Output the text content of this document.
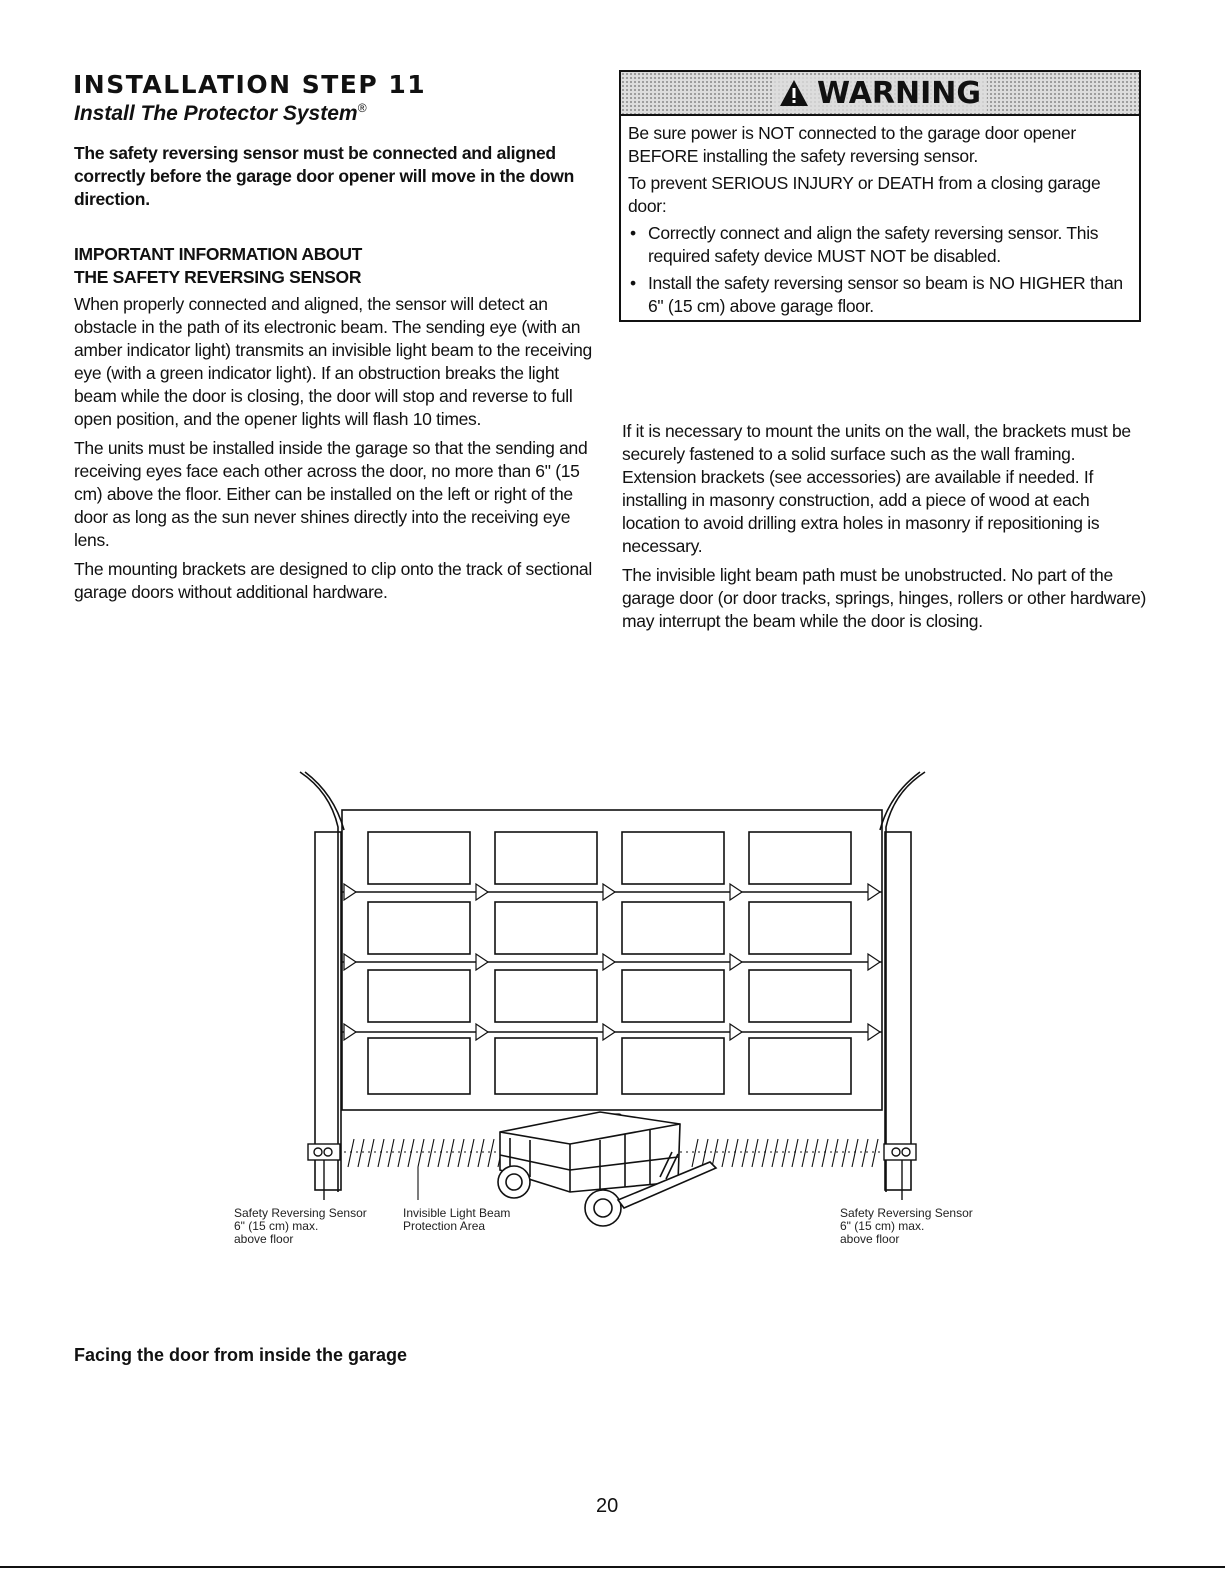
INSTALLATION STEP 11
Install The Protector System®

The safety reversing sensor must be connected and aligned correctly before the garage door opener will move in the down direction.

IMPORTANT INFORMATION ABOUT
THE SAFETY REVERSING SENSOR

When properly connected and aligned, the sensor will detect an obstacle in the path of its electronic beam. The sending eye (with an amber indicator light) transmits an invisible light beam to the receiving eye (with a green indicator light). If an obstruction breaks the light beam while the door is closing, the door will stop and reverse to full open position, and the opener lights will flash 10 times.

The units must be installed inside the garage so that the sending and receiving eyes face each other across the door, no more than 6" (15 cm) above the floor. Either can be installed on the left or right of the door as long as the sun never shines directly into the receiving eye lens.

The mounting brackets are designed to clip onto the track of sectional garage doors without additional hardware.

WARNING

Be sure power is NOT connected to the garage door opener BEFORE installing the safety reversing sensor.

To prevent SERIOUS INJURY or DEATH from a closing garage door:

• Correctly connect and align the safety reversing sensor. This required safety device MUST NOT be disabled.
• Install the safety reversing sensor so beam is NO HIGHER than 6" (15 cm) above garage floor.

If it is necessary to mount the units on the wall, the brackets must be securely fastened to a solid surface such as the wall framing. Extension brackets (see accessories) are available if needed. If installing in masonry construction, add a piece of wood at each location to avoid drilling extra holes in masonry if repositioning is necessary.

The invisible light beam path must be unobstructed. No part of the garage door (or door tracks, springs, hinges, rollers or other hardware) may interrupt the beam while the door is closing.

Safety Reversing Sensor
6" (15 cm) max.
above floor
Invisible Light Beam
Protection Area
Safety Reversing Sensor
6" (15 cm) max.
above floor
Facing the door from inside the garage
20
